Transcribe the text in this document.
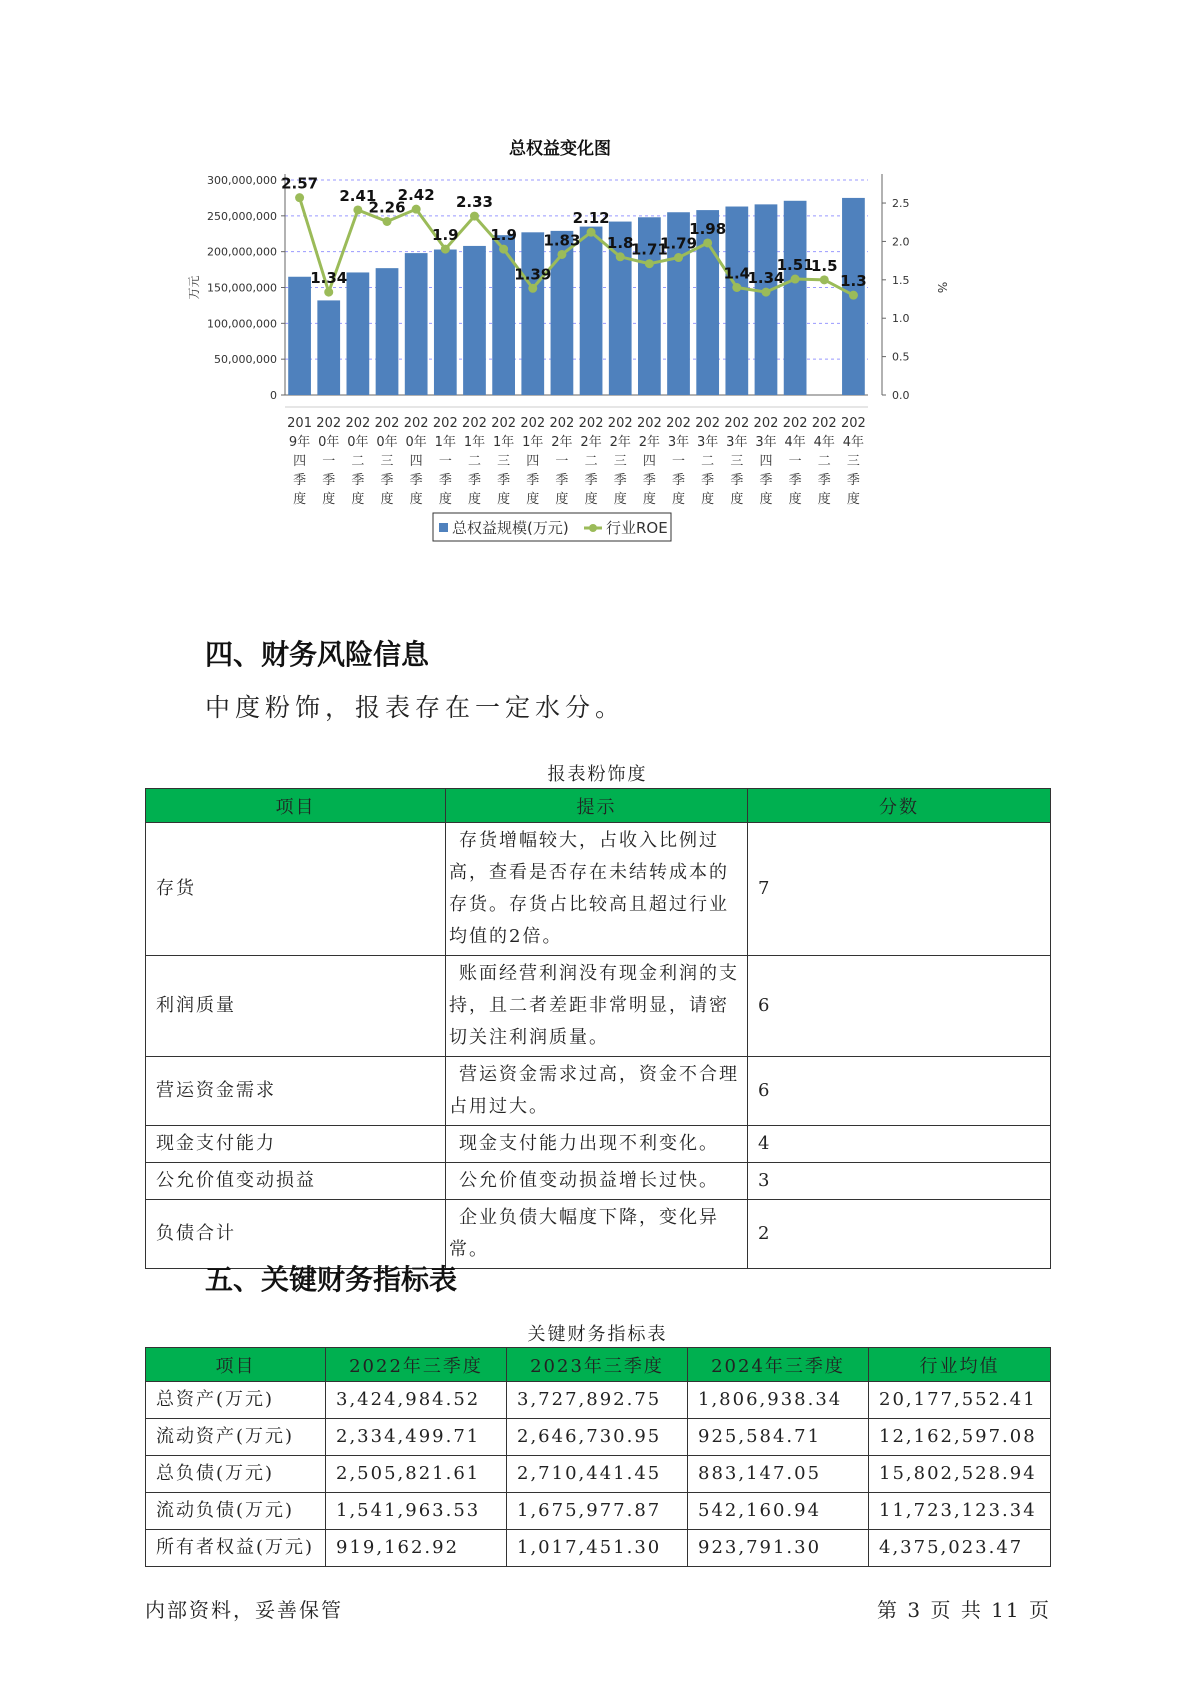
总权益变化图
0
50,000,000
100,000,000
150,000,000
200,000,000
250,000,000
300,000,000
0.0
0.5
1.0
1.5
2.0
2.5
万元	%
2.57
1.34
2.41
2.26
2.42
1.9
2.33
1.9
1.39
1.83
2.12
1.8
1.71
1.79
1.98
1.4
1.34
1.51
1.5
1.3
201
9年
四
季
度
202
0年
一
季
度
202
0年
二
季
度
202
0年
三
季
度
202
0年
四
季
度
202
1年
一
季
度
202
1年
二
季
度
202
1年
三
季
度
202
1年
四
季
度
202
2年
一
季
度
202
2年
二
季
度
202
2年
三
季
度
202
2年
四
季
度
202
3年
一
季
度
202
3年
二
季
度
202
3年
三
季
度
202
3年
四
季
度
202
4年
一
季
度
202
4年
二
季
度
202
4年
三
季
度
总权益规模(万元) 行业ROE
四、财务风险信息
中度粉饰，报表存在一定水分。
报表粉饰度
项目	提示	分数
存货	存货增幅较大，占收入比例过高，查看是否存在未结转成本的存货。存货占比较高且超过行业均值的2倍。	7
利润质量	账面经营利润没有现金利润的支持，且二者差距非常明显，请密切关注利润质量。	6
营运资金需求	营运资金需求过高，资金不合理占用过大。	6
现金支付能力	现金支付能力出现不利变化。	4
公允价值变动损益	公允价值变动损益增长过快。	3
负债合计	企业负债大幅度下降，变化异常。	2
五、关键财务指标表
关键财务指标表
项目	2022年三季度	2023年三季度	2024年三季度	行业均值
总资产(万元)	3,424,984.52	3,727,892.75	1,806,938.34	20,177,552.41
流动资产(万元)	2,334,499.71	2,646,730.95	925,584.71	12,162,597.08
总负债(万元)	2,505,821.61	2,710,441.45	883,147.05	15,802,528.94
流动负债(万元)	1,541,963.53	1,675,977.87	542,160.94	11,723,123.34
所有者权益(万元)	919,162.92	1,017,451.30	923,791.30	4,375,023.47
内部资料，妥善保管	第 3 页 共 11 页
